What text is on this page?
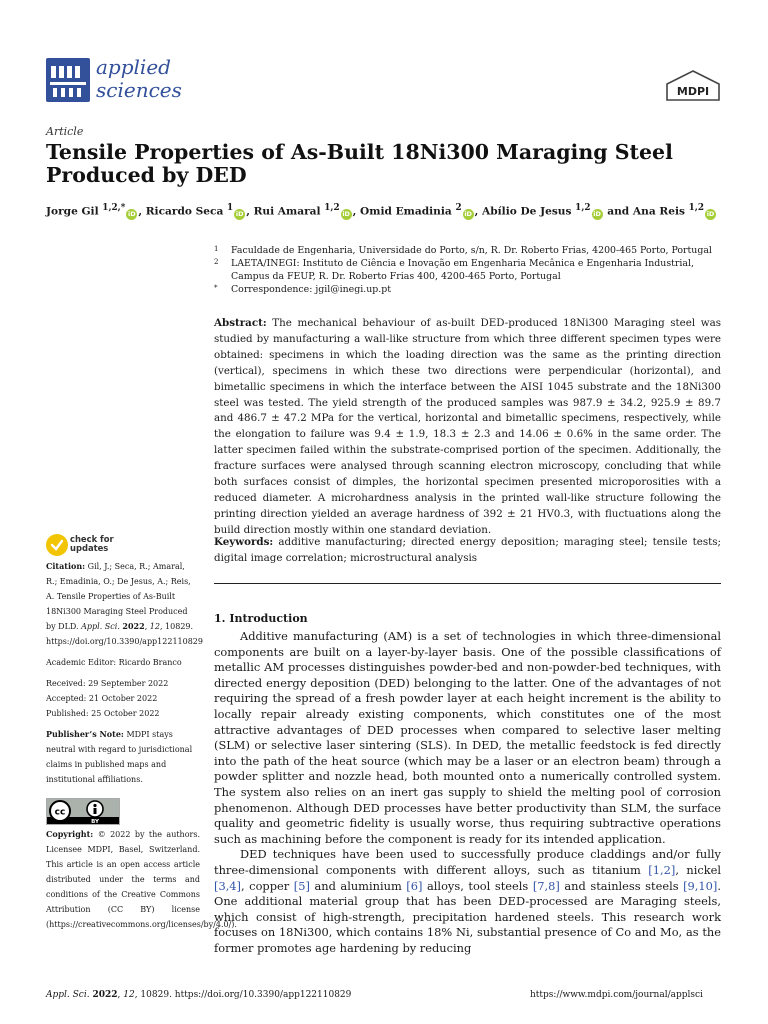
applied
sciences	MDPI
Article
Tensile Properties of As-Built 18Ni300 Maraging Steel Produced by DED
Jorge Gil $^{1,2,*}$iD , Ricardo Seca $^1$iD , Rui Amaral $^{1,2}$iD , Omid Emadinia $^2$iD , Abílio De Jesus $^{1,2}$iD and Ana Reis $^{1,2}$iD
1	Faculdade de Engenharia, Universidade do Porto, s/n, R. Dr. Roberto Frias, 4200-465 Porto, Portugal
2	LAETA/INEGI: Instituto de Ciência e Inovação em Engenharia Mecânica e Engenharia Industrial, Campus da FEUP, R. Dr. Roberto Frias 400, 4200-465 Porto, Portugal
*	Correspondence: jgil@inegi.up.pt
Abstract: The mechanical behaviour of as-built DED-produced 18Ni300 Maraging steel was studied by manufacturing a wall-like structure from which three different specimen types were obtained: specimens in which the loading direction was the same as the printing direction (vertical), specimens in which these two directions were perpendicular (horizontal), and bimetallic specimens in which the interface between the AISI 1045 substrate and the 18Ni300 steel was tested. The yield strength of the produced samples was 987.9 ± 34.2, 925.9 ± 89.7 and 486.7 ± 47.2 MPa for the vertical, horizontal and bimetallic specimens, respectively, while the elongation to failure was 9.4 ± 1.9, 18.3 ± 2.3 and 14.06 ± 0.6% in the same order. The latter specimen failed within the substrate-comprised portion of the specimen. Additionally, the fracture surfaces were analysed through scanning electron microscopy, concluding that while both surfaces consist of dimples, the horizontal specimen presented microporosities with a reduced diameter. A microhardness analysis in the printed wall-like structure following the printing direction yielded an average hardness of 392 ± 21 HV0.3, with fluctuations along the build direction mostly within one standard deviation.
Keywords: additive manufacturing; directed energy deposition; maraging steel; tensile tests; digital image correlation; microstructural analysis
1. Introduction

Additive manufacturing (AM) is a set of technologies in which three-dimensional components are built on a layer-by-layer basis. One of the possible classifications of metallic AM processes distinguishes powder-bed and non-powder-bed techniques, with directed energy deposition (DED) belonging to the latter. One of the advantages of not requiring the spread of a fresh powder layer at each height increment is the ability to locally repair already existing components, which constitutes one of the most attractive advantages of DED processes when compared to selective laser melting (SLM) or selective laser sintering (SLS). In DED, the metallic feedstock is fed directly into the path of the heat source (which may be a laser or an electron beam) through a powder splitter and nozzle head, both mounted onto a numerically controlled system. The system also relies on an inert gas supply to shield the melting pool of corrosion phenomenon. Although DED processes have better productivity than SLM, the surface quality and geometric fidelity is usually worse, thus requiring subtractive operations such as machining before the component is ready for its intended application.

DED techniques have been used to successfully produce claddings and/or fully three-dimensional components with different alloys, such as titanium [1,2], nickel [3,4], copper [5] and aluminium [6] alloys, tool steels [7,8] and stainless steels [9,10]. One additional material group that has been DED-processed are Maraging steels, which consist of high-strength, precipitation hardened steels. This research work focuses on 18Ni300, which contains 18% Ni, substantial presence of Co and Mo, as the former promotes age hardening by reducing

check for
updates
Citation: Gil, J.; Seca, R.; Amaral, R.; Emadinia, O.; De Jesus, A.; Reis, A. Tensile Properties of As-Built 18Ni300 Maraging Steel Produced by DLD. Appl. Sci. 2022, 12, 10829. https://doi.org/10.3390/app122110829
Academic Editor: Ricardo Branco
Received: 29 September 2022
Accepted: 21 October 2022
Published: 25 October 2022
Publisher’s Note: MDPI stays neutral with regard to jurisdictional claims in published maps and institutional affiliations.
cc
BY
Copyright: © 2022 by the authors. Licensee MDPI, Basel, Switzerland. This article is an open access article distributed under the terms and conditions of the Creative Commons Attribution (CC BY) license (https://creativecommons.org/licenses/by/4.0/).
Appl. Sci. 2022, 12, 10829. https://doi.org/10.3390/app122110829	https://www.mdpi.com/journal/applsci
